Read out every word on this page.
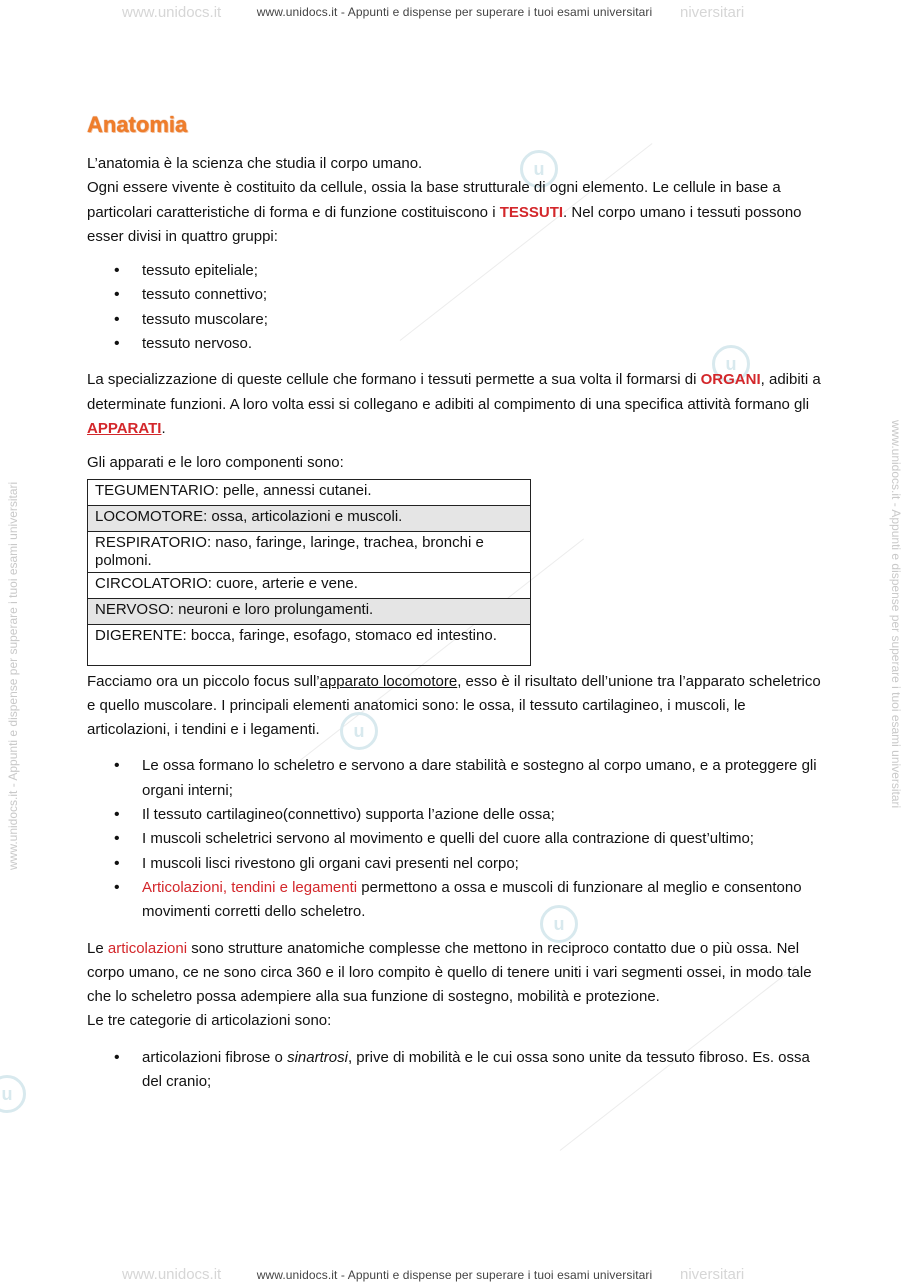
www.unidocs.it	niversitari
www.unidocs.it - Appunti e dispense per superare i tuoi esami universitari
www.unidocs.it	niversitari
www.unidocs.it - Appunti e dispense per superare i tuoi esami universitari
www.unidocs.it - Appunti e dispense per superare i tuoi esami universitari	www.unidocs.it - Appunti e dispense per superare i tuoi esami universitari
u
u
u
u
u
Anatomia

L’anatomia è la scienza che studia il corpo umano.

Ogni essere vivente è costituito da cellule, ossia la base strutturale di ogni elemento. Le cellule in base a particolari caratteristiche di forma e di funzione costituiscono i TESSUTI. Nel corpo umano i tessuti possono esser divisi in quattro gruppi:

• tessuto epiteliale;
• tessuto connettivo;
• tessuto muscolare;
• tessuto nervoso.

La specializzazione di queste cellule che formano i tessuti permette a sua volta il formarsi di ORGANI, adibiti a determinate funzioni. A loro volta essi si collegano e adibiti al compimento di una specifica attività formano gli APPARATI.

Gli apparati e le loro componenti sono:

TEGUMENTARIO: pelle, annessi cutanei.

LOCOMOTORE: ossa, articolazioni e muscoli.

RESPIRATORIO: naso, faringe, laringe, trachea, bronchi e polmoni.

CIRCOLATORIO: cuore, arterie e vene.

NERVOSO: neuroni e loro prolungamenti.

DIGERENTE: bocca, faringe, esofago, stomaco ed intestino.

Facciamo ora un piccolo focus sull’apparato locomotore, esso è il risultato dell’unione tra l’apparato scheletrico e quello muscolare. I principali elementi anatomici sono: le ossa, il tessuto cartilagineo, i muscoli, le articolazioni, i tendini e i legamenti.

• Le ossa formano lo scheletro e servono a dare stabilità e sostegno al corpo umano, e a proteggere gli organi interni;
• Il tessuto cartilagineo(connettivo) supporta l’azione delle ossa;
• I muscoli scheletrici servono al movimento e quelli del cuore alla contrazione di quest’ultimo;
• I muscoli lisci rivestono gli organi cavi presenti nel corpo;
• Articolazioni, tendini e legamenti permettono a ossa e muscoli di funzionare al meglio e consentono movimenti corretti dello scheletro.

Le articolazioni sono strutture anatomiche complesse che mettono in reciproco contatto due o più ossa. Nel corpo umano, ce ne sono circa 360 e il loro compito è quello di tenere uniti i vari segmenti ossei, in modo tale che lo scheletro possa adempiere alla sua funzione di sostegno, mobilità e protezione.

Le tre categorie di articolazioni sono:

• articolazioni fibrose o sinartrosi, prive di mobilità e le cui ossa sono unite da tessuto fibroso. Es. ossa del cranio;
